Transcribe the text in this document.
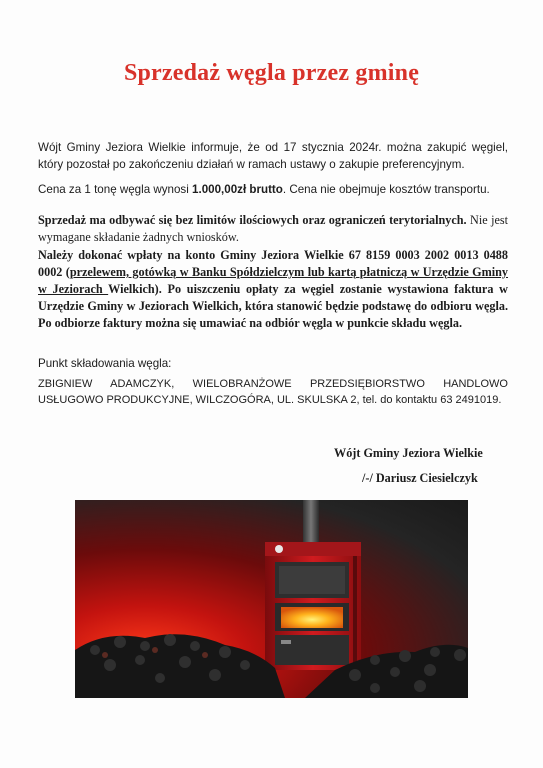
Sprzedaż węgla przez gminę

Wójt Gminy Jeziora Wielkie informuje, że od 17 stycznia 2024r. można zakupić węgiel, który pozostał po zakończeniu działań w ramach ustawy o zakupie preferencyjnym.

Cena za 1 tonę węgla wynosi 1.000,00zł brutto. Cena nie obejmuje kosztów transportu.

Sprzedaż ma odbywać się bez limitów ilościowych oraz ograniczeń terytorialnych. Nie jest wymagane składanie żadnych wniosków.

Należy dokonać wpłaty na konto Gminy Jeziora Wielkie 67 8159 0003 2002 0013 0488 0002 (przelewem, gotówką w Banku Spółdzielczym lub kartą płatniczą w Urzędzie Gminy w Jeziorach Wielkich). Po uiszczeniu opłaty za węgiel zostanie wystawiona faktura w Urzędzie Gminy w Jeziorach Wielkich, która stanowić będzie podstawę do odbioru węgla. Po odbiorze faktury można się umawiać na odbiór węgla w punkcie składu węgla.

Punkt składowania węgla:

ZBIGNIEW ADAMCZYK, WIELOBRANŻOWE PRZEDSIĘBIORSTWO HANDLOWO USŁUGOWO PRODUKCYJNE, WILCZOGÓRA, UL. SKULSKA 2, tel. do kontaktu 63 2491019.

Wójt Gminy Jeziora Wielkie
/-/ Dariusz Ciesielczyk
